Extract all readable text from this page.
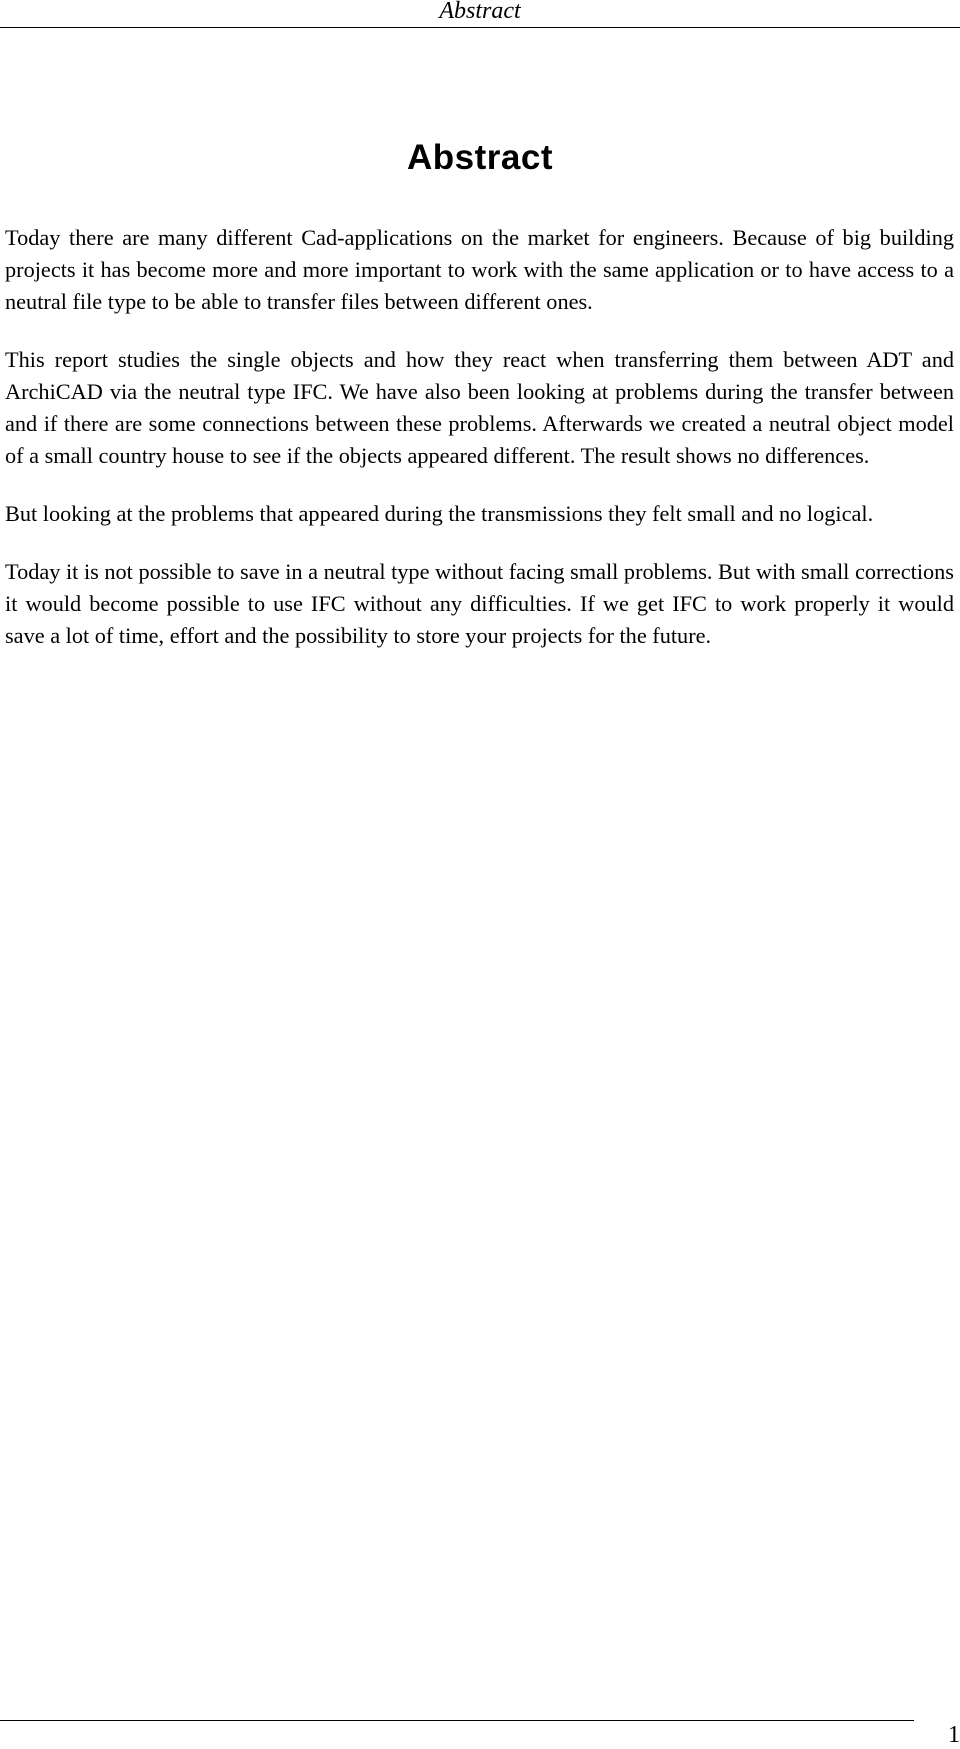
Abstract
Abstract

Today there are many different Cad-applications on the market for engineers. Because of big building projects it has become more and more important to work with the same application or to have access to a neutral file type to be able to transfer files between different ones.

This report studies the single objects and how they react when transferring them between ADT and ArchiCAD via the neutral type IFC. We have also been looking at problems during the transfer between and if there are some connections between these problems. Afterwards we created a neutral object model of a small country house to see if the objects appeared different. The result shows no differences.

But looking at the problems that appeared during the transmissions they felt small and no logical.

Today it is not possible to save in a neutral type without facing small problems. But with small corrections it would become possible to use IFC without any difficulties. If we get IFC to work properly it would save a lot of time, effort and the possibility to store your projects for the future.

1
